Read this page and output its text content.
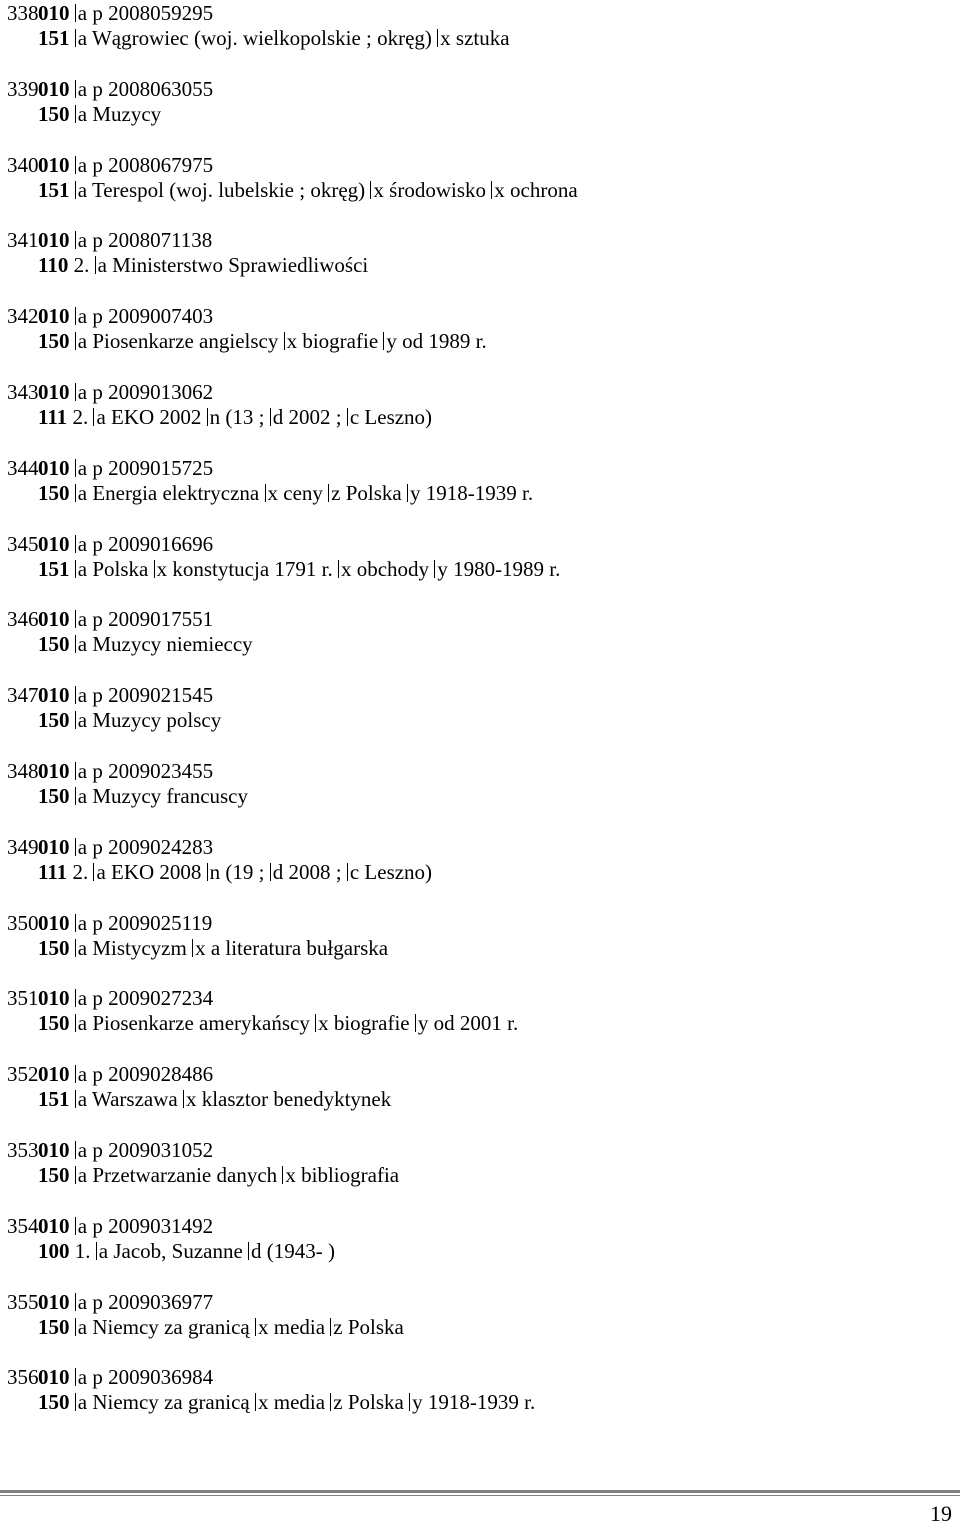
338010 a p 2008059295
151 a Wągrowiec (woj. wielkopolskie ; okręg) x sztuka
339010 a p 2008063055
150 a Muzycy
340010 a p 2008067975
151 a Terespol (woj. lubelskie ; okręg) x środowisko x ochrona
341010 a p 2008071138
110 2. a Ministerstwo Sprawiedliwości
342010 a p 2009007403
150 a Piosenkarze angielscy x biografie y od 1989 r.
343010 a p 2009013062
111 2. a EKO 2002 n (13 ; d 2002 ; c Leszno)
344010 a p 2009015725
150 a Energia elektryczna x ceny z Polska y 1918-1939 r.
345010 a p 2009016696
151 a Polska x konstytucja 1791 r. x obchody y 1980-1989 r.
346010 a p 2009017551
150 a Muzycy niemieccy
347010 a p 2009021545
150 a Muzycy polscy
348010 a p 2009023455
150 a Muzycy francuscy
349010 a p 2009024283
111 2. a EKO 2008 n (19 ; d 2008 ; c Leszno)
350010 a p 2009025119
150 a Mistycyzm x a literatura bułgarska
351010 a p 2009027234
150 a Piosenkarze amerykańscy x biografie y od 2001 r.
352010 a p 2009028486
151 a Warszawa x klasztor benedyktynek
353010 a p 2009031052
150 a Przetwarzanie danych x bibliografia
354010 a p 2009031492
100 1. a Jacob, Suzanne d (1943- )
355010 a p 2009036977
150 a Niemcy za granicą x media z Polska
356010 a p 2009036984
150 a Niemcy za granicą x media z Polska y 1918-1939 r.
19
